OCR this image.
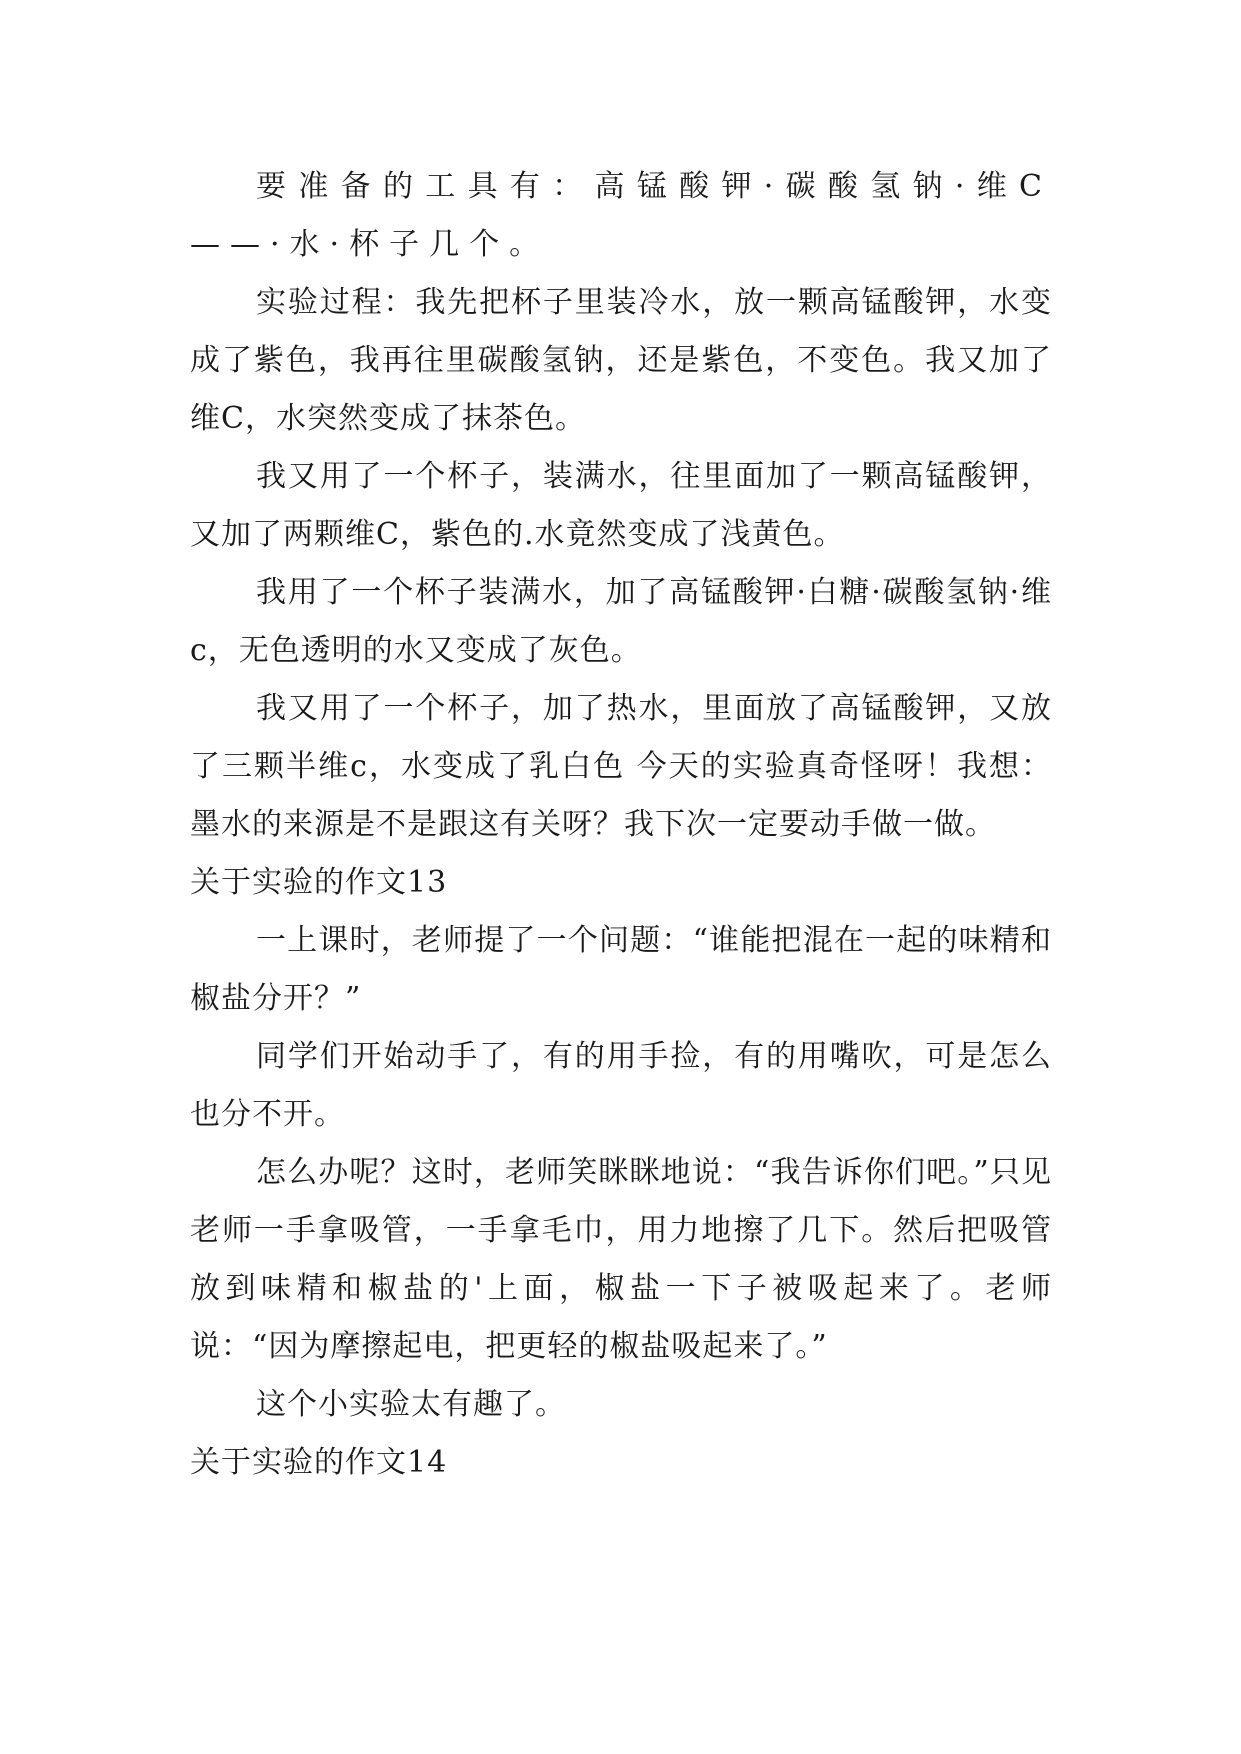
要准备的工具有：高锰酸钾·碳酸氢钠·维C——·水·杯子几个。

实验过程：我先把杯子里装冷水，放一颗高锰酸钾，水变成了紫色，我再往里碳酸氢钠，还是紫色，不变色。我又加了维C，水突然变成了抹茶色。

我又用了一个杯子，装满水，往里面加了一颗高锰酸钾，又加了两颗维C，紫色的.水竟然变成了浅黄色。

我用了一个杯子装满水，加了高锰酸钾·白糖·碳酸氢钠·维c，无色透明的水又变成了灰色。

我又用了一个杯子，加了热水，里面放了高锰酸钾，又放了三颗半维c，水变成了乳白色 今天的实验真奇怪呀！我想：墨水的来源是不是跟这有关呀？我下次一定要动手做一做。

关于实验的作文13

一上课时，老师提了一个问题：“谁能把混在一起的味精和椒盐分开？”

同学们开始动手了，有的用手捡，有的用嘴吹，可是怎么也分不开。

怎么办呢？这时，老师笑眯眯地说：“我告诉你们吧。”只见老师一手拿吸管，一手拿毛巾，用力地擦了几下。然后把吸管放到味精和椒盐的'上面，椒盐一下子被吸起来了。老师说：“因为摩擦起电，把更轻的椒盐吸起来了。”

这个小实验太有趣了。

关于实验的作文14
